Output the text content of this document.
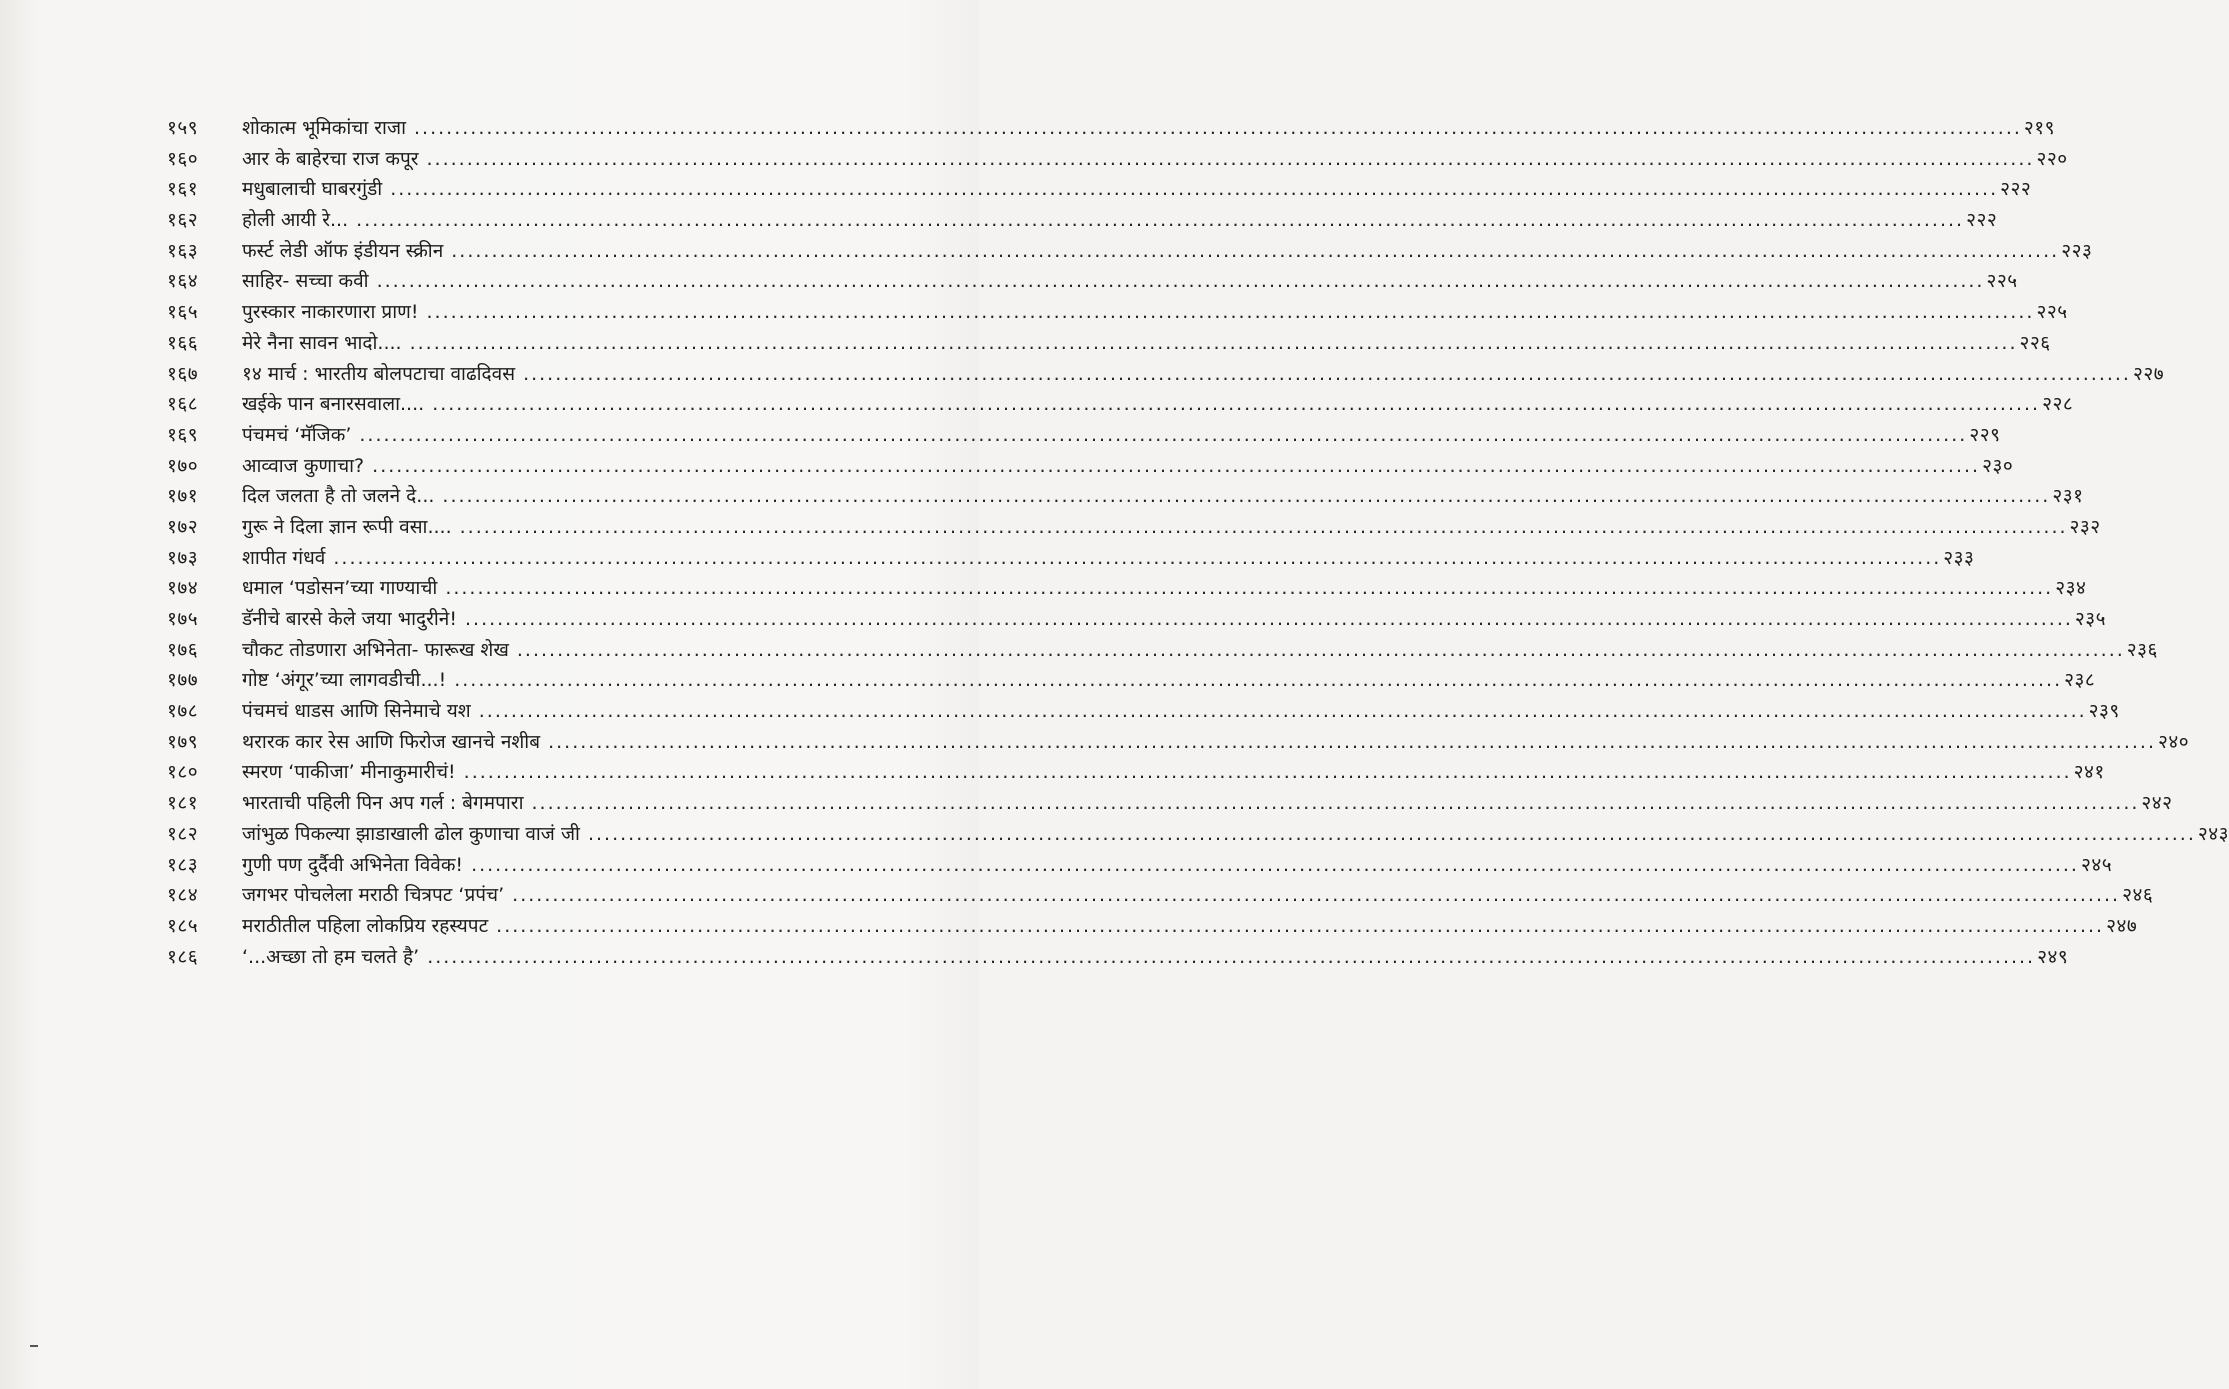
१५९	शोकात्म भूमिकांचा राजा ........................................................................................................................................................................................................ २१९
१६०	आर के बाहेरचा राज कपूर ........................................................................................................................................................................................................ २२०
१६१	मधुबालाची घाबरगुंडी ........................................................................................................................................................................................................ २२२
१६२	होली आयी रे... ........................................................................................................................................................................................................ २२२
१६३	फर्स्ट लेडी ऑफ इंडीयन स्क्रीन ........................................................................................................................................................................................................ २२३
१६४	साहिर- सच्चा कवी ........................................................................................................................................................................................................ २२५
१६५	पुरस्कार नाकारणारा प्राण! ........................................................................................................................................................................................................ २२५
१६६	मेरे नैना सावन भादो.... ........................................................................................................................................................................................................ २२६
१६७	१४ मार्च : भारतीय बोलपटाचा वाढदिवस ........................................................................................................................................................................................................ २२७
१६८	खईके पान बनारसवाला.... ........................................................................................................................................................................................................ २२८
१६९	पंचमचं ‘मॅजिक’ ........................................................................................................................................................................................................ २२९
१७०	आव्वाज कुणाचा? ........................................................................................................................................................................................................ २३०
१७१	दिल जलता है तो जलने दे... ........................................................................................................................................................................................................ २३१
१७२	गुरू ने दिला ज्ञान रूपी वसा.... ........................................................................................................................................................................................................ २३२
१७३	शापीत गंधर्व ........................................................................................................................................................................................................ २३३
१७४	धमाल ‘पडोसन’च्या गाण्याची ........................................................................................................................................................................................................ २३४
१७५	डॅनीचे बारसे केले जया भादुरीने! ........................................................................................................................................................................................................ २३५
१७६	चौकट तोडणारा अभिनेता- फारूख शेख ........................................................................................................................................................................................................ २३६
१७७	गोष्ट ‘अंगूर’च्या लागवडीची...! ........................................................................................................................................................................................................ २३८
१७८	पंचमचं धाडस आणि सिनेमाचे यश ........................................................................................................................................................................................................ २३९
१७९	थरारक कार रेस आणि फिरोज खानचे नशीब ........................................................................................................................................................................................................ २४०
१८०	स्मरण ‘पाकीजा’ मीनाकुमारीचं! ........................................................................................................................................................................................................ २४१
१८१	भारताची पहिली पिन अप गर्ल : बेगमपारा ........................................................................................................................................................................................................ २४२
१८२	जांभुळ पिकल्या झाडाखाली ढोल कुणाचा वाजं जी ........................................................................................................................................................................................................ २४३
१८३	गुणी पण दुर्दैवी अभिनेता विवेक! ........................................................................................................................................................................................................ २४५
१८४	जगभर पोचलेला मराठी चित्रपट ‘प्रपंच’ ........................................................................................................................................................................................................ २४६
१८५	मराठीतील पहिला लोकप्रिय रहस्यपट ........................................................................................................................................................................................................ २४७
१८६	‘...अच्छा तो हम चलते है’ ........................................................................................................................................................................................................ २४९
